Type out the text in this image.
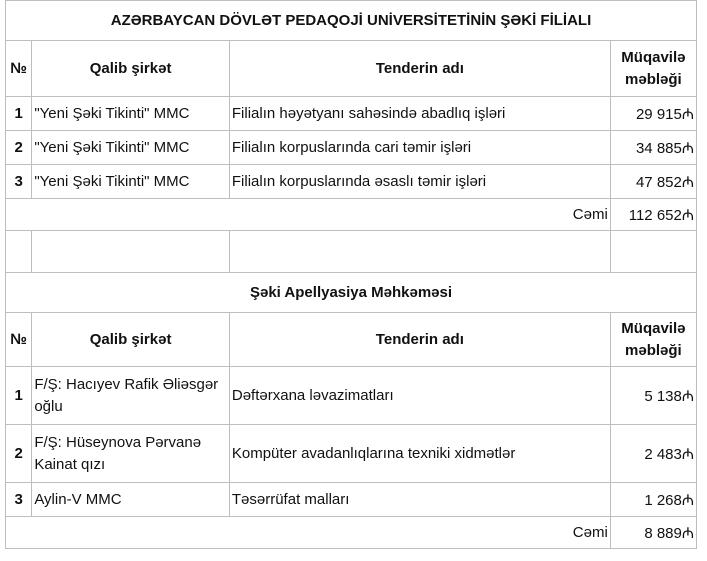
AZƏRBAYCAN DÖVLƏT PEDAQOJİ UNİVERSİTETİNİN ŞƏKİ FİLİALI			
№	Qalib şirkət	Tenderin adı	Müqavilə
məbləği

1	"Yeni Şəki Tikinti" MMC	Filialın həyətyanı sahəsində abadlıq işləri	29 915₼
2	"Yeni Şəki Tikinti" MMC	Filialın korpuslarında cari təmir işləri	34 885₼
3	"Yeni Şəki Tikinti" MMC	Filialın korpuslarında əsaslı təmir işləri	47 852₼
Cəmi			112 652₼

Şəki Apellyasiya Məhkəməsi			
№	Qalib şirkət	Tenderin adı	Müqavilə
məbləği

1	F/Ş: Hacıyev Rafik Əliəsgər oğlu	Dəftərxana ləvazimatları	5 138₼
2	F/Ş: Hüseynova Pərvanə Kainat qızı	Kompüter avadanlıqlarına texniki xidmətlər	2 483₼
3	Aylin-V MMC	Təsərrüfat malları	1 268₼
Cəmi			8 889₼
